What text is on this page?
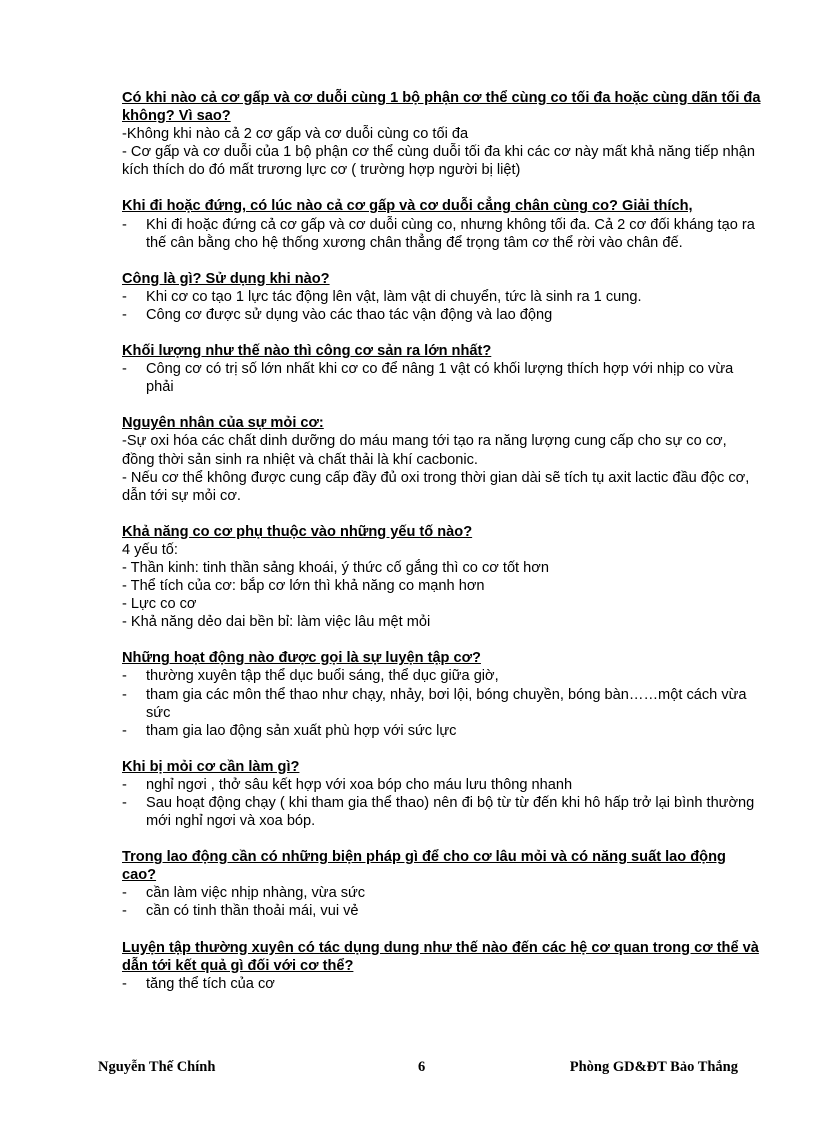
Có khi nào cả cơ gấp và cơ duỗi cùng 1 bộ phận cơ thể cùng co tối đa hoặc cùng dãn tối đa không? Vì sao?
-Không khi nào cả 2 cơ gấp và cơ duỗi cùng co tối đa
- Cơ gấp và cơ duỗi của 1 bộ phận cơ thể cùng duỗi tối đa khi các cơ này mất khả năng tiếp nhận kích thích do đó mất trương lực cơ ( trường hợp người bị liệt)
Khi đi hoặc đứng, có lúc nào cả cơ gấp và cơ duỗi cẳng chân cùng co? Giải thích,
- Khi đi hoặc đứng cả cơ gấp và cơ duỗi cùng co, nhưng không tối đa. Cả 2 cơ đối kháng tạo ra thế cân bằng cho hệ thống xương chân thẳng để trọng tâm cơ thể rời vào chân đế.
Công là gì? Sử dụng khi nào?
- Khi cơ co tạo 1 lực tác động lên vật, làm vật di chuyển, tức là sinh ra 1 cung.
- Công cơ được sử dụng vào các thao tác vận động và lao động
Khối lượng như thế nào thì công cơ sản ra lớn nhất?
- Công cơ có trị số lớn nhất khi cơ co để nâng 1 vật có khối lượng thích hợp với nhịp co vừa phải
Nguyên nhân của sự mỏi cơ:
-Sự oxi hóa các chất dinh dưỡng do máu mang tới tạo ra năng lượng cung cấp cho sự co cơ, đồng thời sản sinh ra nhiệt và chất thải là khí cacbonic.
- Nếu cơ thể không được cung cấp đầy đủ oxi trong thời gian dài sẽ tích tụ axit lactic đầu độc cơ, dẫn tới sự mỏi cơ.
Khả năng co cơ phụ thuộc vào những yếu tố nào?
4 yếu tố:
- Thần kinh: tinh thần sảng khoái, ý thức cố gắng thì co cơ tốt hơn
- Thể tích của cơ: bắp cơ lớn thì khả năng co mạnh hơn
- Lực co cơ
- Khả năng dẻo dai bền bỉ: làm việc lâu mệt mỏi
Những hoạt động nào được gọi là sự luyện tập cơ?
- thường xuyên tập thể dục buổi sáng, thể dục giữa giờ,
- tham gia các môn thể thao như chạy, nhảy, bơi lội, bóng chuyền, bóng bàn……một cách vừa sức
- tham gia lao động sản xuất phù hợp với sức lực
Khi bị mỏi cơ cần làm gì?
- nghỉ ngơi , thở sâu kết hợp với xoa bóp cho máu lưu thông nhanh
- Sau hoạt động chạy ( khi tham gia thể thao) nên đi bộ từ từ đến khi hô hấp trở lại bình thường mới nghỉ ngơi và xoa bóp.
Trong lao động cần có những biện pháp gì để cho cơ lâu mỏi và có năng suất lao động cao?
- cần làm việc nhịp nhàng, vừa sức
- cần có tinh thần thoải mái, vui vẻ
Luyện tập thường xuyên có tác dụng dung như thế nào đến các hệ cơ quan trong cơ thể và dẫn tới kết quả gì đối với cơ thể?
- tăng thể tích của cơ
Nguyễn Thế Chính	6	Phòng GD&ĐT Bảo Thắng
